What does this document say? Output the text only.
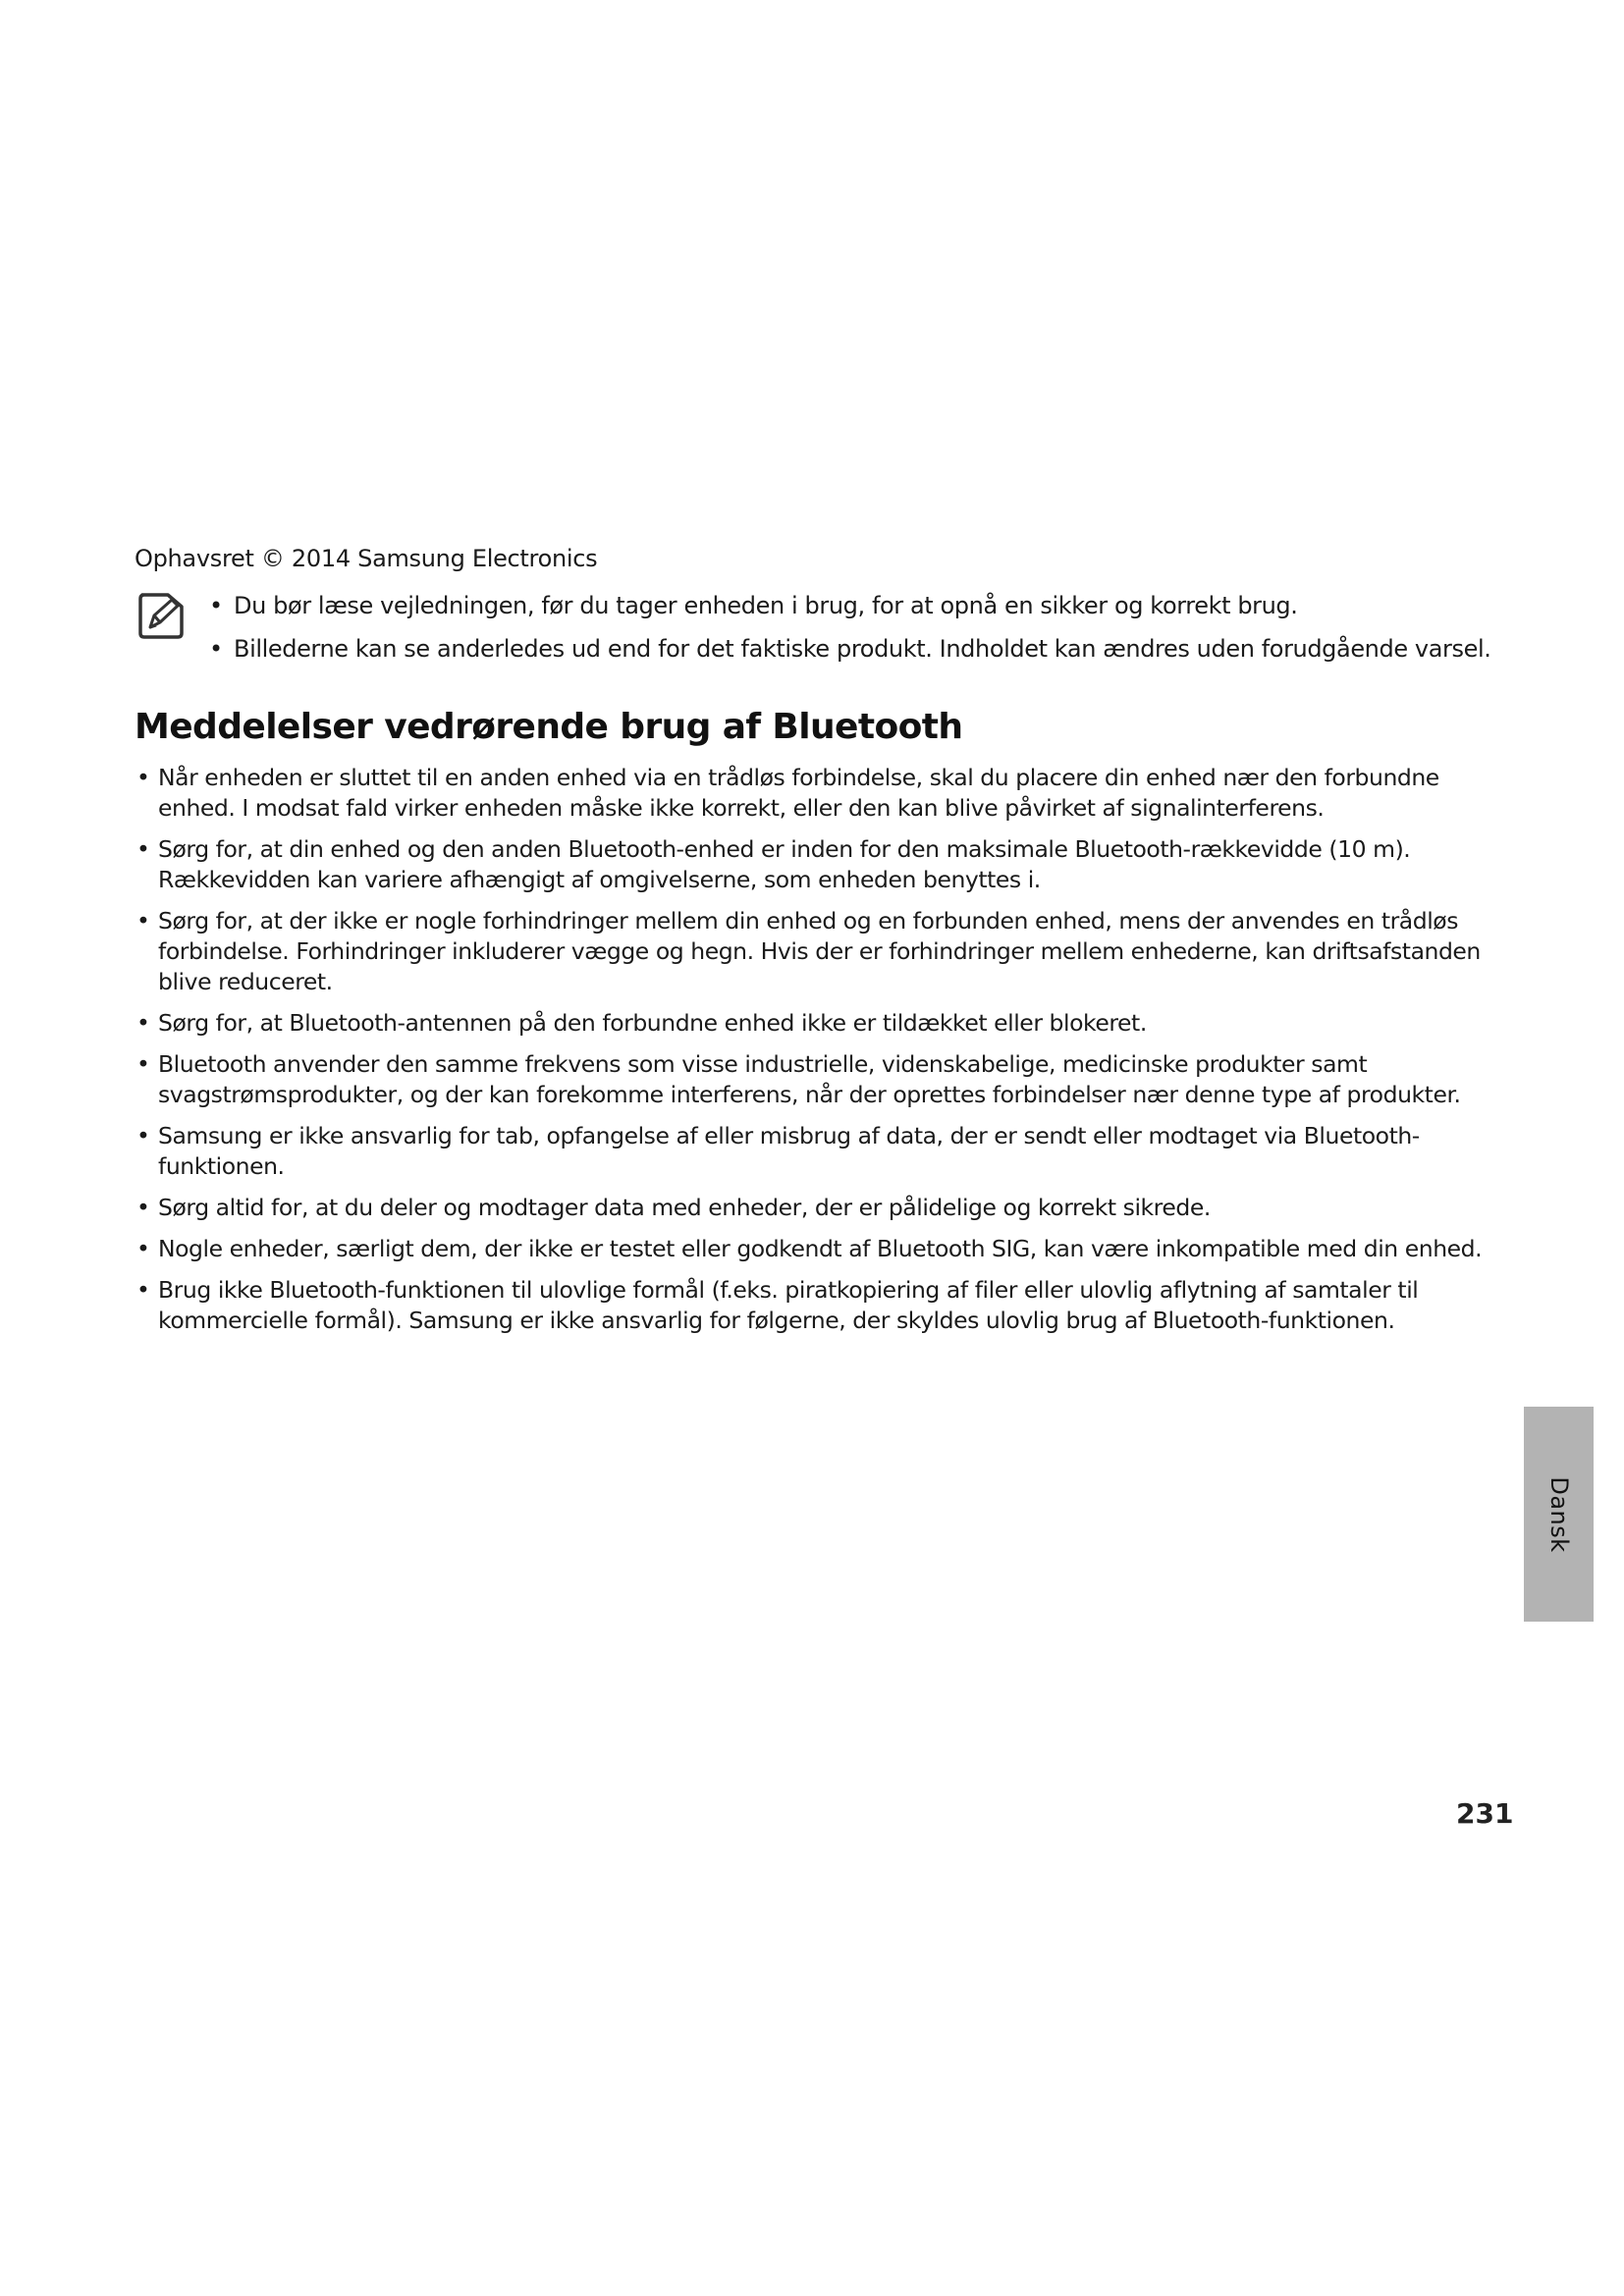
Ophavsret © 2014 Samsung Electronics

• Du bør læse vejledningen, før du tager enheden i brug, for at opnå en sikker og korrekt brug.
• Billederne kan se anderledes ud end for det faktiske produkt. Indholdet kan ændres uden forudgående varsel.
Meddelelser vedrørende brug af Bluetooth
• Når enheden er sluttet til en anden enhed via en trådløs forbindelse, skal du placere din enhed nær den forbundne enhed. I modsat fald virker enheden måske ikke korrekt, eller den kan blive påvirket af signalinterferens.
• Sørg for, at din enhed og den anden Bluetooth-enhed er inden for den maksimale Bluetooth-rækkevidde (10 m). Rækkevidden kan variere afhængigt af omgivelserne, som enheden benyttes i.
• Sørg for, at der ikke er nogle forhindringer mellem din enhed og en forbunden enhed, mens der anvendes en trådløs forbindelse. Forhindringer inkluderer vægge og hegn. Hvis der er forhindringer mellem enhederne, kan driftsafstanden blive reduceret.
• Sørg for, at Bluetooth-antennen på den forbundne enhed ikke er tildækket eller blokeret.
• Bluetooth anvender den samme frekvens som visse industrielle, videnskabelige, medicinske produkter samt svagstrømsprodukter, og der kan forekomme interferens, når der oprettes forbindelser nær denne type af produkter.
• Samsung er ikke ansvarlig for tab, opfangelse af eller misbrug af data, der er sendt eller modtaget via Bluetooth-funktionen.
• Sørg altid for, at du deler og modtager data med enheder, der er pålidelige og korrekt sikrede.
• Nogle enheder, særligt dem, der ikke er testet eller godkendt af Bluetooth SIG, kan være inkompatible med din enhed.
• Brug ikke Bluetooth-funktionen til ulovlige formål (f.eks. piratkopiering af filer eller ulovlig aflytning af samtaler til kommercielle formål). Samsung er ikke ansvarlig for følgerne, der skyldes ulovlig brug af Bluetooth-funktionen.
Dansk
231
